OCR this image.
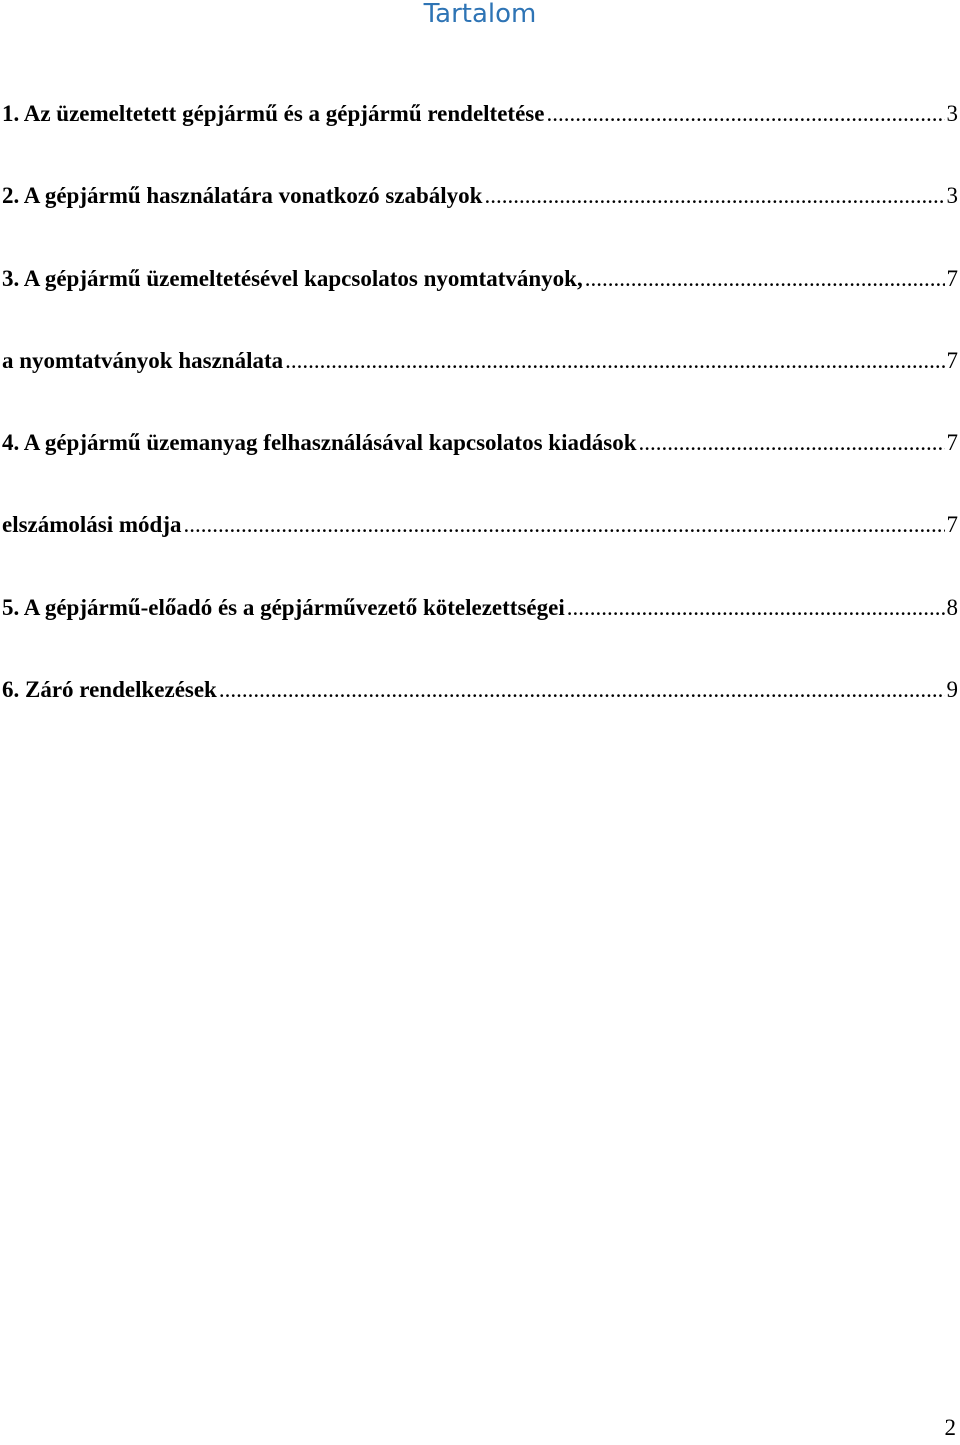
Tartalom
1. Az üzemeltetett gépjármű és a gépjármű rendeltetése .....	3
2. A gépjármű használatára vonatkozó szabályok .....	3
3. A gépjármű üzemeltetésével kapcsolatos nyomtatványok, .....	7
a nyomtatványok használata .....	7
4. A gépjármű üzemanyag felhasználásával kapcsolatos kiadások .....	7
elszámolási módja .....	7
5. A gépjármű-előadó és a gépjárművezető kötelezettségei .....	8
6. Záró rendelkezések .....	9
2
